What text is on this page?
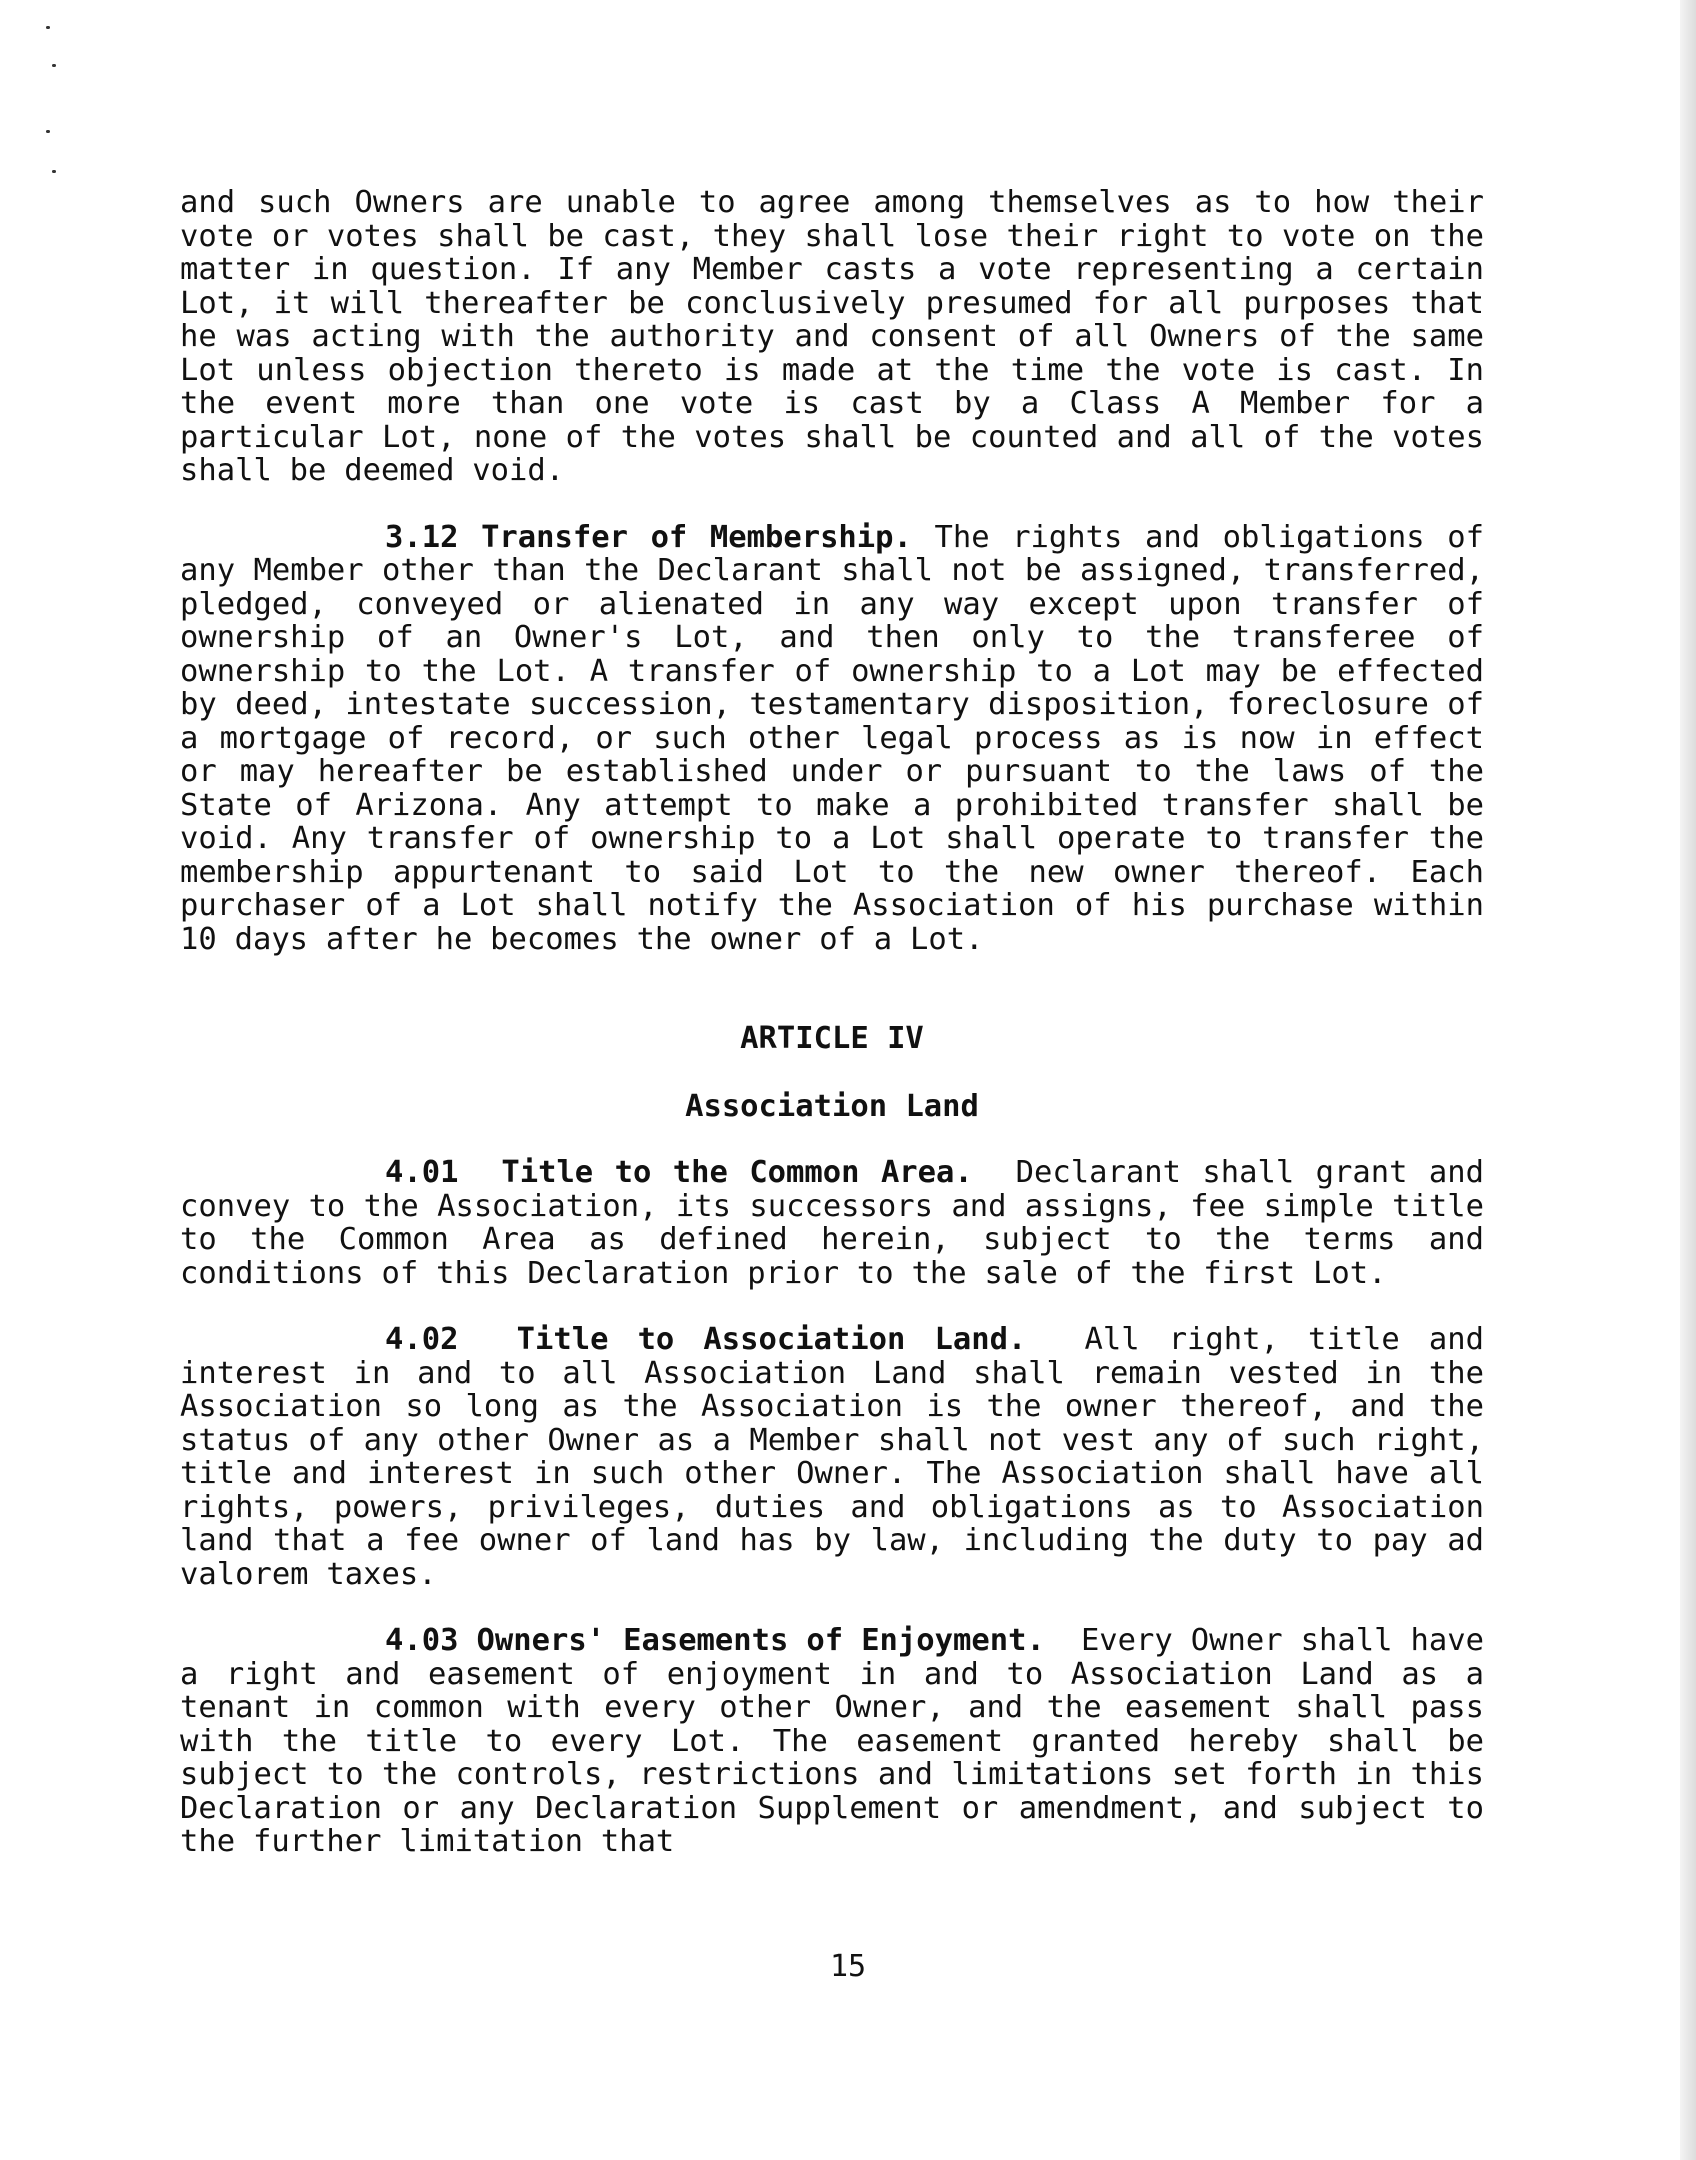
and such Owners are unable to agree among themselves as to how their vote or votes shall be cast, they shall lose their right to vote on the matter in question. If any Member casts a vote representing a certain Lot, it will thereafter be conclusively presumed for all purposes that he was acting with the authority and consent of all Owners of the same Lot unless objection thereto is made at the time the vote is cast. In the event more than one vote is cast by a Class A Member for a particular Lot, none of the votes shall be counted and all of the votes shall be deemed void.

3.12 Transfer of Membership. The rights and obligations of any Member other than the Declarant shall not be assigned, transferred, pledged, conveyed or alienated in any way except upon transfer of ownership of an Owner's Lot, and then only to the transferee of ownership to the Lot. A transfer of ownership to a Lot may be effected by deed, intestate succession, testamentary disposition, foreclosure of a mortgage of record, or such other legal process as is now in effect or may hereafter be established under or pursuant to the laws of the State of Arizona. Any attempt to make a prohibited transfer shall be void. Any transfer of ownership to a Lot shall operate to transfer the membership appurtenant to said Lot to the new owner thereof. Each purchaser of a Lot shall notify the Association of his purchase within 10 days after he becomes the owner of a Lot.

ARTICLE IV
Association Land

4.01 Title to the Common Area. Declarant shall grant and convey to the Association, its successors and assigns, fee simple title to the Common Area as defined herein, subject to the terms and conditions of this Declaration prior to the sale of the first Lot.

4.02 Title to Association Land. All right, title and interest in and to all Association Land shall remain vested in the Association so long as the Association is the owner thereof, and the status of any other Owner as a Member shall not vest any of such right, title and interest in such other Owner. The Association shall have all rights, powers, privileges, duties and obligations as to Association land that a fee owner of land has by law, including the duty to pay ad valorem taxes.

4.03 Owners' Easements of Enjoyment. Every Owner shall have a right and easement of enjoyment in and to Association Land as a tenant in common with every other Owner, and the easement shall pass with the title to every Lot. The easement granted hereby shall be subject to the controls, restrictions and limitations set forth in this Declaration or any Declaration Supplement or amendment, and subject to the further limitation that

15
